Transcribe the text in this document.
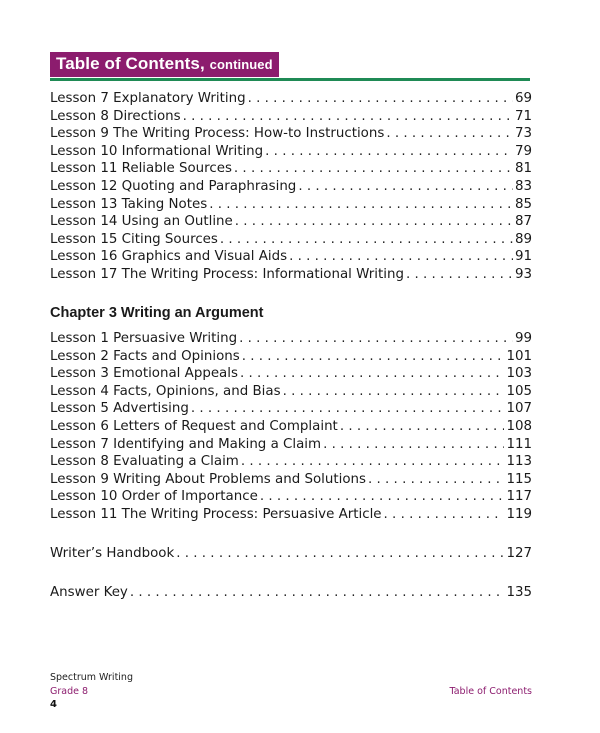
Table of Contents, continued
Lesson 7 Explanatory Writing . . .	69
Lesson 8 Directions . . .	71
Lesson 9 The Writing Process: How-to Instructions . . .	73
Lesson 10 Informational Writing . . .	79
Lesson 11 Reliable Sources . . .	81
Lesson 12 Quoting and Paraphrasing . . .	83
Lesson 13 Taking Notes . . .	85
Lesson 14 Using an Outline . . .	87
Lesson 15 Citing Sources . . .	89
Lesson 16 Graphics and Visual Aids . . .	91
Lesson 17 The Writing Process: Informational Writing . . .	93
Chapter 3 Writing an Argument
Lesson 1 Persuasive Writing . . .	99
Lesson 2 Facts and Opinions . . .	101
Lesson 3 Emotional Appeals . . .	103
Lesson 4 Facts, Opinions, and Bias . . .	105
Lesson 5 Advertising . . .	107
Lesson 6 Letters of Request and Complaint . . .	108
Lesson 7 Identifying and Making a Claim . . .	111
Lesson 8 Evaluating a Claim . . .	113
Lesson 9 Writing About Problems and Solutions . . .	115
Lesson 10 Order of Importance . . .	117
Lesson 11 The Writing Process: Persuasive Article . . .	119
Writer’s Handbook . . .	127
Answer Key . . .	135
Spectrum Writing
Grade 8	Table of Contents
4
